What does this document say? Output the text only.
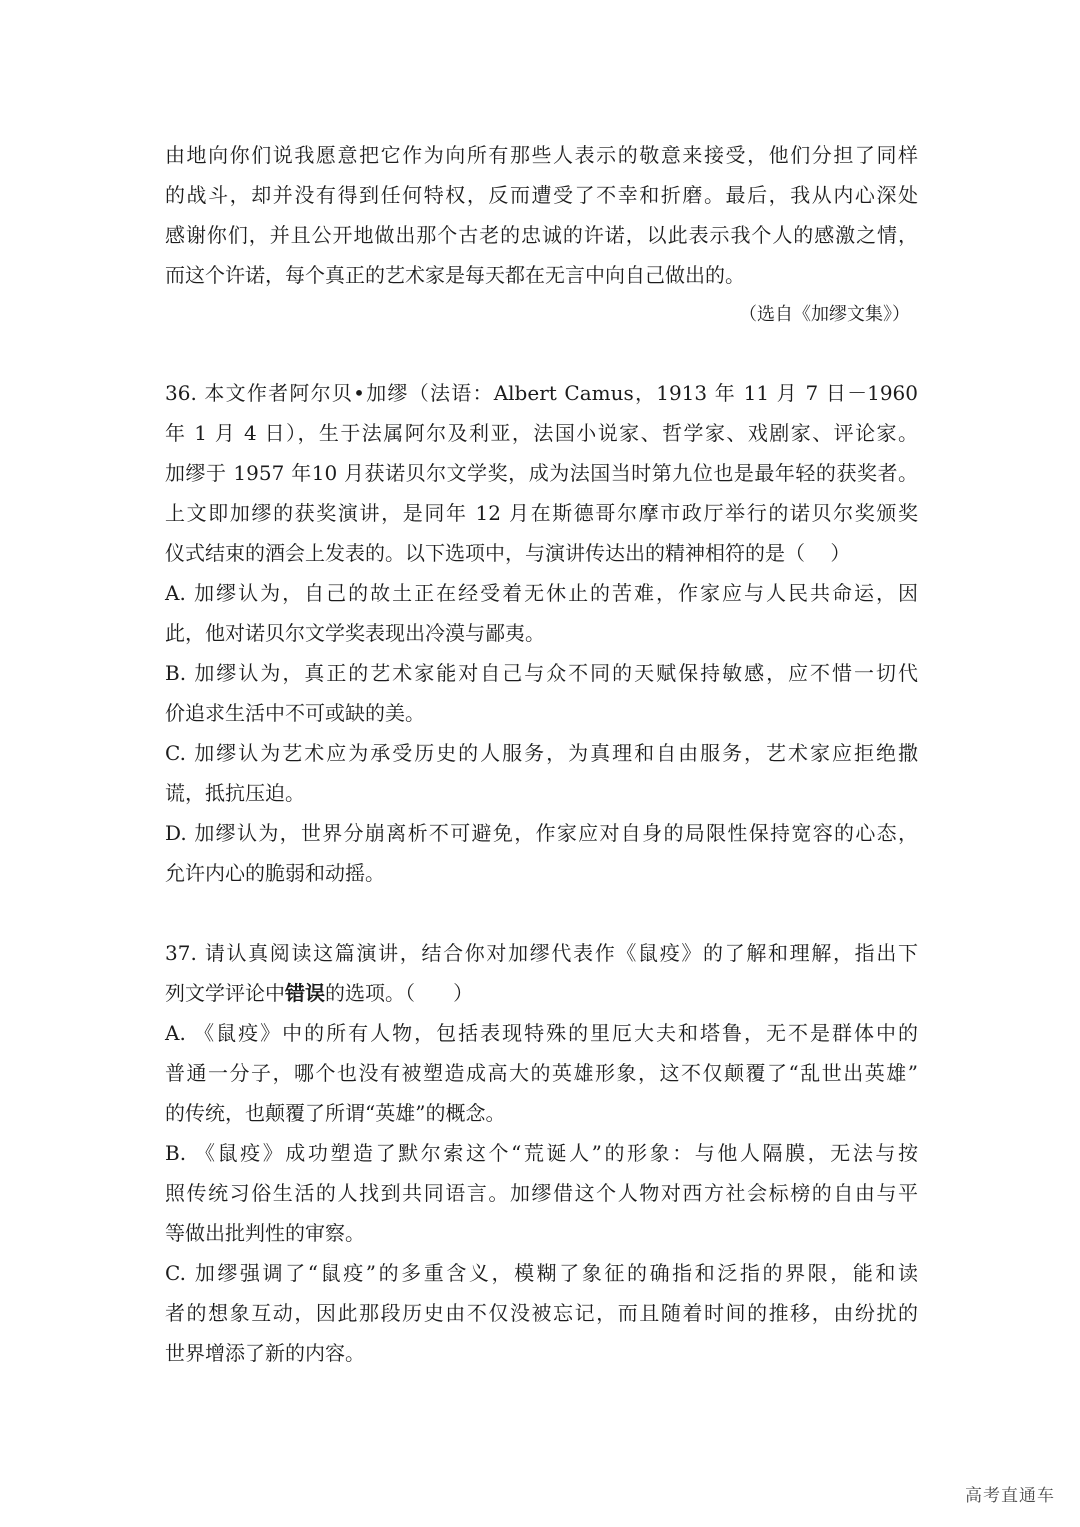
由地向你们说我愿意把它作为向所有那些人表示的敬意来接受，他们分担了同样
的战斗，却并没有得到任何特权，反而遭受了不幸和折磨。最后，我从内心深处
感谢你们，并且公开地做出那个古老的忠诚的许诺，以此表示我个人的感激之情，
而这个许诺，每个真正的艺术家是每天都在无言中向自己做出的。
（选自《加缪文集》）
36. 本文作者阿尔贝•加缪（法语：Albert Camus，1913 年 11 月 7 日－1960
年 1 月 4 日），生于法属阿尔及利亚，法国小说家、哲学家、戏剧家、评论家。
加缪于 1957 年10 月获诺贝尔文学奖，成为法国当时第九位也是最年轻的获奖者。
上文即加缪的获奖演讲，是同年 12 月在斯德哥尔摩市政厅举行的诺贝尔奖颁奖
仪式结束的酒会上发表的。以下选项中，与演讲传达出的精神相符的是（    ）
A. 加缪认为，自己的故土正在经受着无休止的苦难，作家应与人民共命运，因
此，他对诺贝尔文学奖表现出冷漠与鄙夷。
B. 加缪认为，真正的艺术家能对自己与众不同的天赋保持敏感，应不惜一切代
价追求生活中不可或缺的美。
C. 加缪认为艺术应为承受历史的人服务，为真理和自由服务，艺术家应拒绝撒
谎，抵抗压迫。
D. 加缪认为，世界分崩离析不可避免，作家应对自身的局限性保持宽容的心态，
允许内心的脆弱和动摇。
37. 请认真阅读这篇演讲，结合你对加缪代表作《鼠疫》的了解和理解，指出下
列文学评论中错误的选项。（      ）
A. 《鼠疫》中的所有人物，包括表现特殊的里厄大夫和塔鲁，无不是群体中的
普通一分子，哪个也没有被塑造成高大的英雄形象，这不仅颠覆了“乱世出英雄”
的传统，也颠覆了所谓“英雄”的概念。
B. 《鼠疫》成功塑造了默尔索这个“荒诞人”的形象：与他人隔膜，无法与按
照传统习俗生活的人找到共同语言。加缪借这个人物对西方社会标榜的自由与平
等做出批判性的审察。
C. 加缪强调了“鼠疫”的多重含义，模糊了象征的确指和泛指的界限，能和读
者的想象互动，因此那段历史由不仅没被忘记，而且随着时间的推移，由纷扰的
世界增添了新的内容。
高考直通车
